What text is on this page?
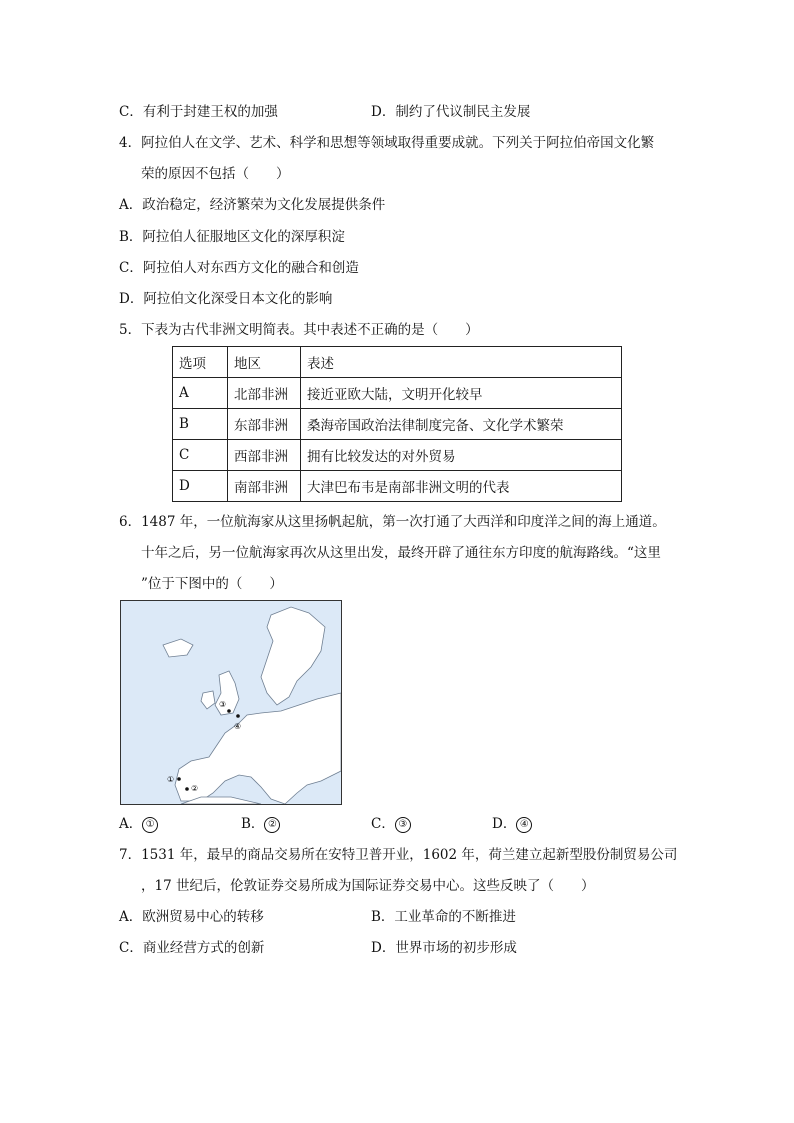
C．有利于封建王权的加强	D．制约了代议制民主发展
4．阿拉伯人在文学、艺术、科学和思想等领域取得重要成就。下列关于阿拉伯帝国文化繁
荣的原因不包括（　　）
A．政治稳定，经济繁荣为文化发展提供条件
B．阿拉伯人征服地区文化的深厚积淀
C．阿拉伯人对东西方文化的融合和创造
D．阿拉伯文化深受日本文化的影响
5．下表为古代非洲文明简表。其中表述不正确的是（　　）
选项	地区	表述
A	北部非洲	接近亚欧大陆，文明开化较早
B	东部非洲	桑海帝国政治法律制度完备、文化学术繁荣
C	西部非洲	拥有比较发达的对外贸易
D	南部非洲	大津巴布韦是南部非洲文明的代表
6．1487 年，一位航海家从这里扬帆起航，第一次打通了大西洋和印度洋之间的海上通道。
十年之后，另一位航海家再次从这里出发，最终开辟了通往东方印度的航海路线。“这里
”位于下图中的（　　）
③
④
①
②
A． ①	B． ②	C． ③	D． ④
7．1531 年，最早的商品交易所在安特卫普开业，1602 年，荷兰建立起新型股份制贸易公司
，17 世纪后，伦敦证券交易所成为国际证券交易中心。这些反映了（　　）
A．欧洲贸易中心的转移	B．工业革命的不断推进
C．商业经营方式的创新	D．世界市场的初步形成
